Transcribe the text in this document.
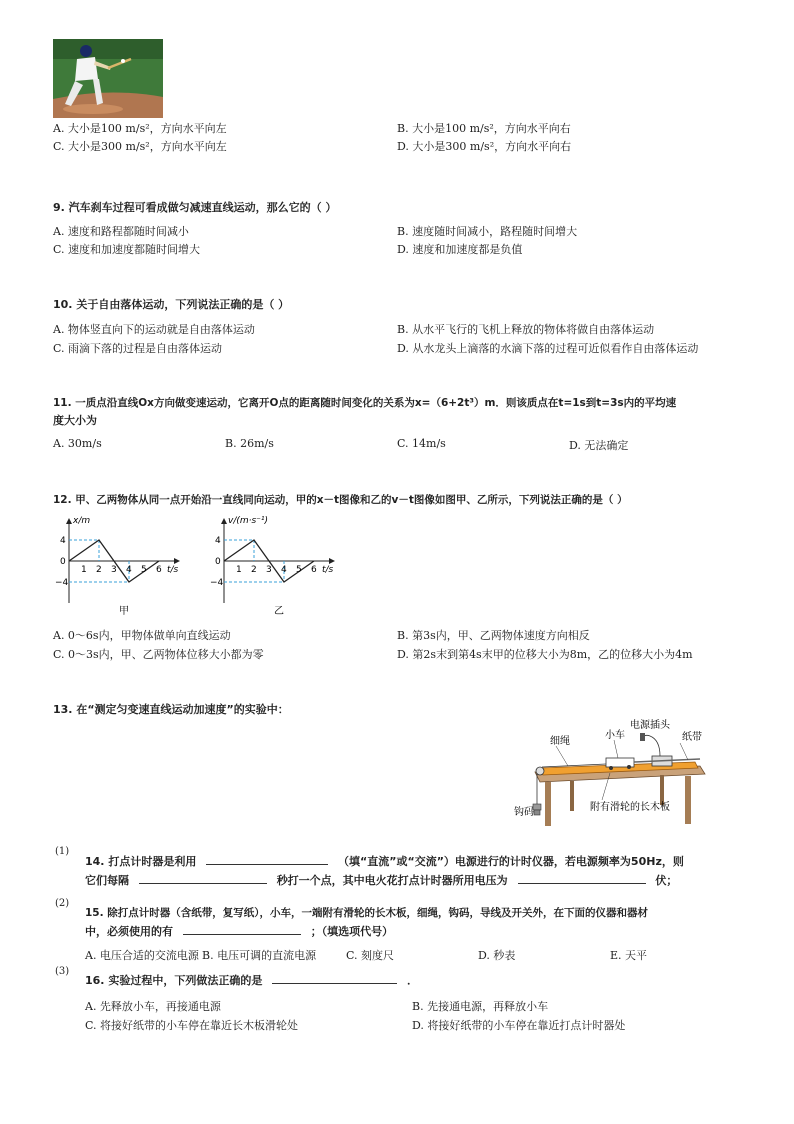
A. 大小是100 m/s²，方向水平向左	B. 大小是100 m/s²，方向水平向右
C. 大小是300 m/s²，方向水平向左	D. 大小是300 m/s²，方向水平向右
9. 汽车刹车过程可看成做匀减速直线运动，那么它的（ ）
A. 速度和路程都随时间减小	B. 速度随时间减小，路程随时间增大
C. 速度和加速度都随时间增大	D. 速度和加速度都是负值
10. 关于自由落体运动，下列说法正确的是（ ）
A. 物体竖直向下的运动就是自由落体运动	B. 从水平飞行的飞机上释放的物体将做自由落体运动
C. 雨滴下落的过程是自由落体运动	D. 从水龙头上滴落的水滴下落的过程可近似看作自由落体运动
11. 一质点沿直线Ox方向做变速运动，它离开O点的距离随时间变化的关系为x=（6+2t³）m．则该质点在t=1s到t=3s内的平均速
度大小为
A. 30m/s	B. 26m/s	C. 14m/s	D. 无法确定
12. 甲、乙两物体从同一点开始沿一直线同向运动，甲的x－t图像和乙的v－t图像如图甲、乙所示，下列说法正确的是（ ）
x/m
4
0
−4
1 2 3 4 5 6 t/s
甲
v/(m·s⁻¹)
4
0
−4
1 2 3 4 5 6 t/s
乙
A. 0～6s内，甲物体做单向直线运动	B. 第3s内，甲、乙两物体速度方向相反
C. 0～3s内，甲、乙两物体位移大小都为零	D. 第2s末到第4s末甲的位移大小为8m，乙的位移大小为4m
13. 在“测定匀变速直线运动加速度”的实验中：
电源插头
细绳
小车	纸带
钩码	附有滑轮的长木板
(1)
14. 打点计时器是利用	（填“直流”或“交流”）电源进行的计时仪器，若电源频率为50Hz，则
它们每隔	秒打一个点，其中电火花打点计时器所用电压为	伏；
(2)
15. 除打点计时器（含纸带，复写纸），小车，一端附有滑轮的长木板，细绳，钩码，导线及开关外，在下面的仪器和器材
中，必须使用的有	；（填选项代号）
A. 电压合适的交流电源 B. 电压可调的直流电源	C. 刻度尺	D. 秒表	E. 天平
(3)
16. 实验过程中，下列做法正确的是	．
A. 先释放小车，再接通电源	B. 先接通电源，再释放小车
C. 将接好纸带的小车停在靠近长木板滑轮处	D. 将接好纸带的小车停在靠近打点计时器处
